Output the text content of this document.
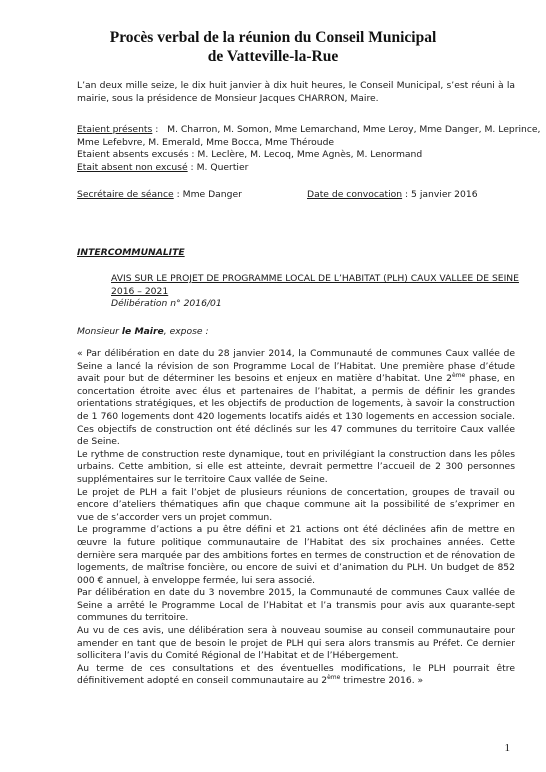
Procès verbal de la réunion du Conseil Municipal
de Vatteville-la-Rue
L’an deux mille seize, le dix huit janvier à dix huit heures, le Conseil Municipal, s’est réuni à la mairie, sous la présidence de Monsieur Jacques CHARRON, Maire.
Etaient présents :   M. Charron, M. Somon, Mme Lemarchand, Mme Leroy, Mme Danger, M. Leprince,
Mme Lefebvre, M. Emerald, Mme Bocca, Mme Théroude
Etaient absents excusés : M. Leclère, M. Lecoq, Mme Agnès, M. Lenormand
Etait absent non excusé : M. Quertier
Secrétaire de séance : Mme Danger	Date de convocation : 5 janvier 2016
INTERCOMMUNALITE
AVIS SUR LE PROJET DE PROGRAMME LOCAL DE L’HABITAT (PLH) CAUX VALLEE DE SEINE
2016 – 2021
Délibération n° 2016/01
Monsieur le Maire, expose :
« Par délibération en date du 28 janvier 2014, la Communauté de communes Caux vallée de Seine a lancé la révision de son Programme Local de l’Habitat. Une première phase d’étude avait pour but de déterminer les besoins et enjeux en matière d’habitat. Une 2ème phase, en concertation étroite avec élus et partenaires de l’habitat, a permis de définir les grandes orientations stratégiques, et les objectifs de production de logements, à savoir la construction de 1 760 logements dont 420 logements locatifs aidés et 130 logements en accession sociale. Ces objectifs de construction ont été déclinés sur les 47 communes du territoire Caux vallée de Seine.
Le rythme de construction reste dynamique, tout en privilégiant la construction dans les pôles urbains. Cette ambition, si elle est atteinte, devrait permettre l’accueil de 2 300 personnes supplémentaires sur le territoire Caux vallée de Seine.
Le projet de PLH a fait l’objet de plusieurs réunions de concertation, groupes de travail ou encore d’ateliers thématiques afin que chaque commune ait la possibilité de s’exprimer en vue de s’accorder vers un projet commun.
Le programme d’actions a pu être défini et 21 actions ont été déclinées afin de mettre en œuvre la future politique communautaire de l’Habitat des six prochaines années. Cette dernière sera marquée par des ambitions fortes en termes de construction et de rénovation de logements, de maîtrise foncière, ou encore de suivi et d’animation du PLH. Un budget de 852 000 € annuel, à enveloppe fermée, lui sera associé.
Par délibération en date du 3 novembre 2015, la Communauté de communes Caux vallée de Seine a arrêté le Programme Local de l’Habitat et l’a transmis pour avis aux quarante-sept communes du territoire.
Au vu de ces avis, une délibération sera à nouveau soumise au conseil communautaire pour amender en tant que de besoin le projet de PLH qui sera alors transmis au Préfet. Ce dernier sollicitera l’avis du Comité Régional de l’Habitat et de l’Hébergement.
Au terme de ces consultations et des éventuelles modifications, le PLH pourrait être définitivement adopté en conseil communautaire au 2ème trimestre 2016. »
1
